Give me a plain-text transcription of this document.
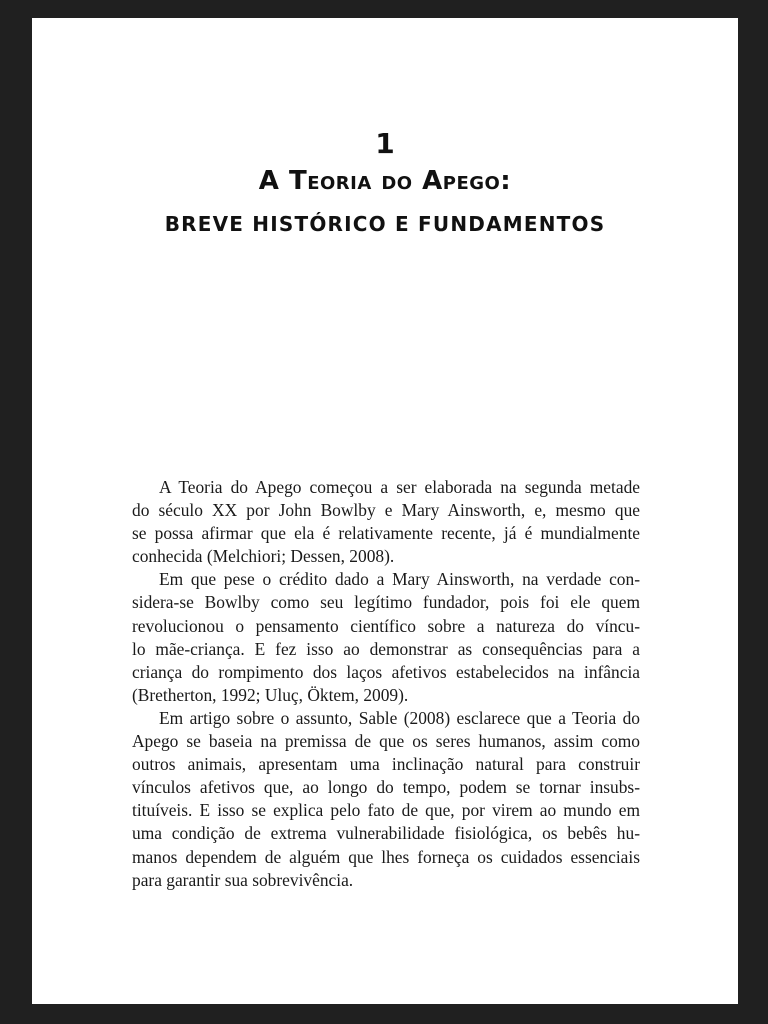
1
A Teoria do Apego:
BREVE HISTÓRICO E FUNDAMENTOS
A Teoria do Apego começou a ser elaborada na segunda metade
do século XX por John Bowlby e Mary Ainsworth, e, mesmo que
se possa afirmar que ela é relativamente recente, já é mundialmente
conhecida (Melchiori; Dessen, 2008).
Em que pese o crédito dado a Mary Ainsworth, na verdade con-
sidera-se Bowlby como seu legítimo fundador, pois foi ele quem
revolucionou o pensamento científico sobre a natureza do víncu-
lo mãe-criança. E fez isso ao demonstrar as consequências para a
criança do rompimento dos laços afetivos estabelecidos na infância
(Bretherton, 1992; Uluç, Öktem, 2009).
Em artigo sobre o assunto, Sable (2008) esclarece que a Teoria do
Apego se baseia na premissa de que os seres humanos, assim como
outros animais, apresentam uma inclinação natural para construir
vínculos afetivos que, ao longo do tempo, podem se tornar insubs-
tituíveis. E isso se explica pelo fato de que, por virem ao mundo em
uma condição de extrema vulnerabilidade fisiológica, os bebês hu-
manos dependem de alguém que lhes forneça os cuidados essenciais
para garantir sua sobrevivência.
